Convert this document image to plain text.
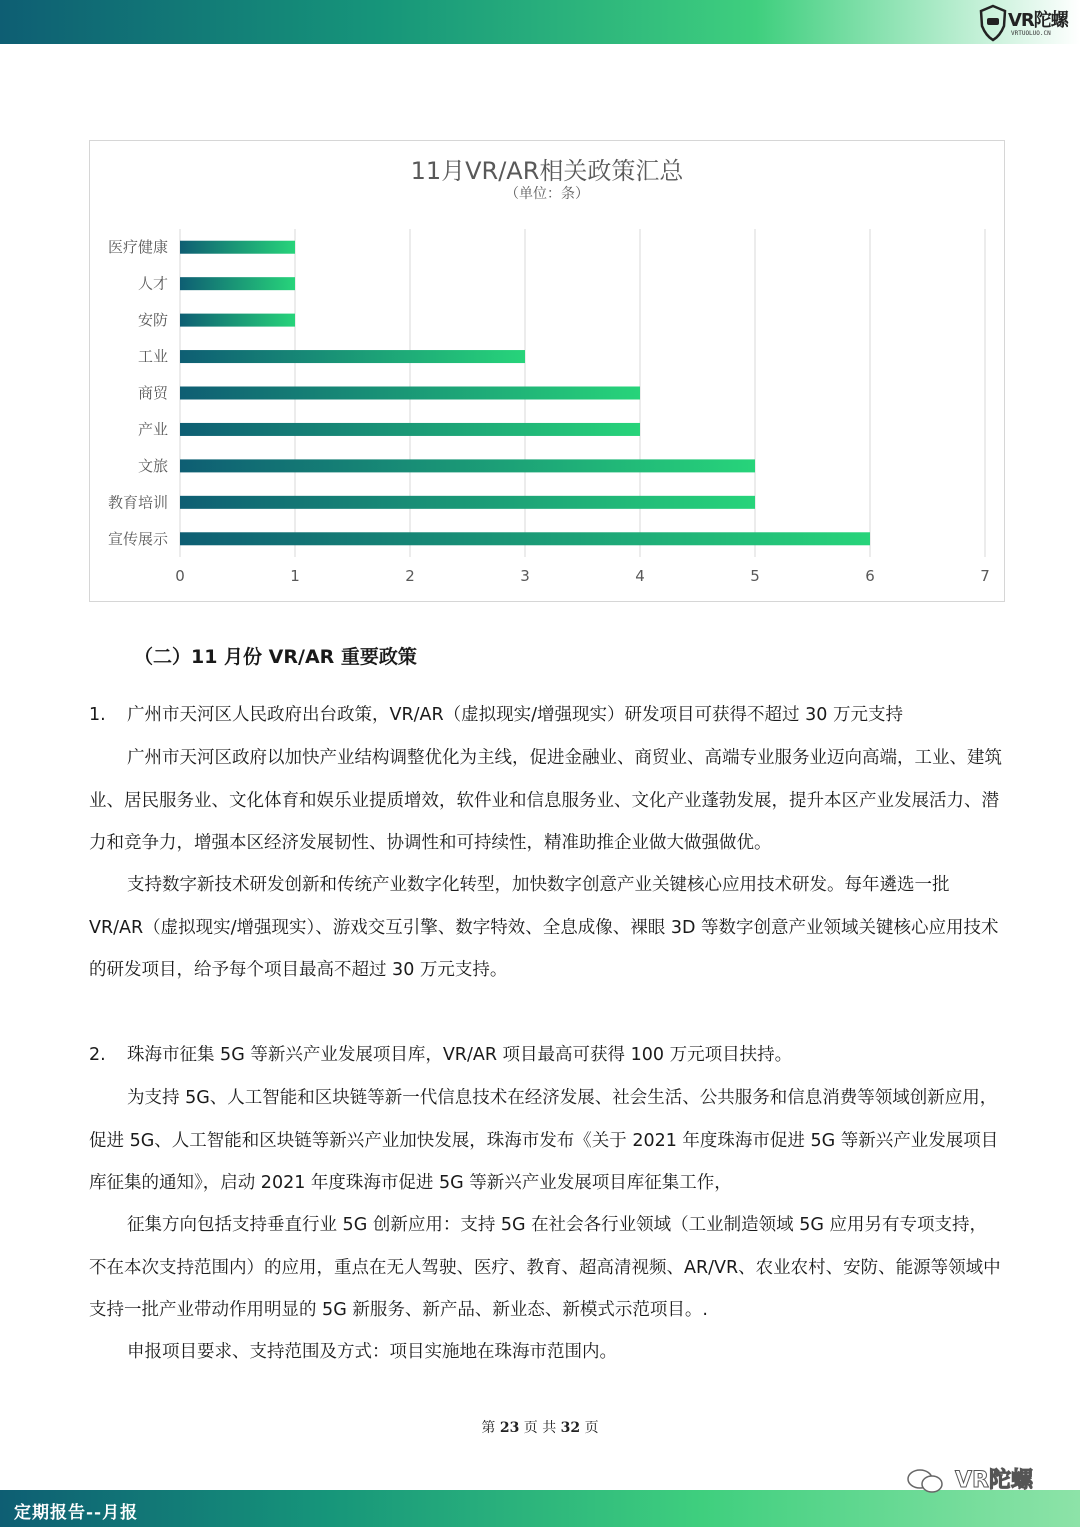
VR陀螺
VRTUOLUO.CN
11月VR/AR相关政策汇总
（单位：条）
0	1	2	3	4	5	6	7
医疗健康
人才
安防
工业
商贸
产业
文旅
教育培训
宣传展示
（二）11 月份 VR/AR 重要政策

1. 广州市天河区人民政府出台政策，VR/AR（虚拟现实/增强现实）研发项目可获得不超过 30 万元支持

广州市天河区政府以加快产业结构调整优化为主线，促进金融业、商贸业、高端专业服务业迈向高端，工业、建筑业、居民服务业、文化体育和娱乐业提质增效，软件业和信息服务业、文化产业蓬勃发展，提升本区产业发展活力、潜力和竞争力，增强本区经济发展韧性、协调性和可持续性，精准助推企业做大做强做优。

支持数字新技术研发创新和传统产业数字化转型，加快数字创意产业关键核心应用技术研发。每年遴选一批 VR/AR（虚拟现实/增强现实）、游戏交互引擎、数字特效、全息成像、裸眼 3D 等数字创意产业领域关键核心应用技术的研发项目，给予每个项目最高不超过 30 万元支持。

2. 珠海市征集 5G 等新兴产业发展项目库，VR/AR 项目最高可获得 100 万元项目扶持。

为支持 5G、人工智能和区块链等新一代信息技术在经济发展、社会生活、公共服务和信息消费等领域创新应用，促进 5G、人工智能和区块链等新兴产业加快发展，珠海市发布《关于 2021 年度珠海市促进 5G 等新兴产业发展项目库征集的通知》，启动 2021 年度珠海市促进 5G 等新兴产业发展项目库征集工作，

征集方向包括支持垂直行业 5G 创新应用：支持 5G 在社会各行业领域（工业制造领域 5G 应用另有专项支持，不在本次支持范围内）的应用，重点在无人驾驶、医疗、教育、超高清视频、AR/VR、农业农村、安防、能源等领域中支持一批产业带动作用明显的 5G 新服务、新产品、新业态、新模式示范项目。.

申报项目要求、支持范围及方式：项目实施地在珠海市范围内。

第 23 页 共 32 页
定期报告--月报
VR陀螺
